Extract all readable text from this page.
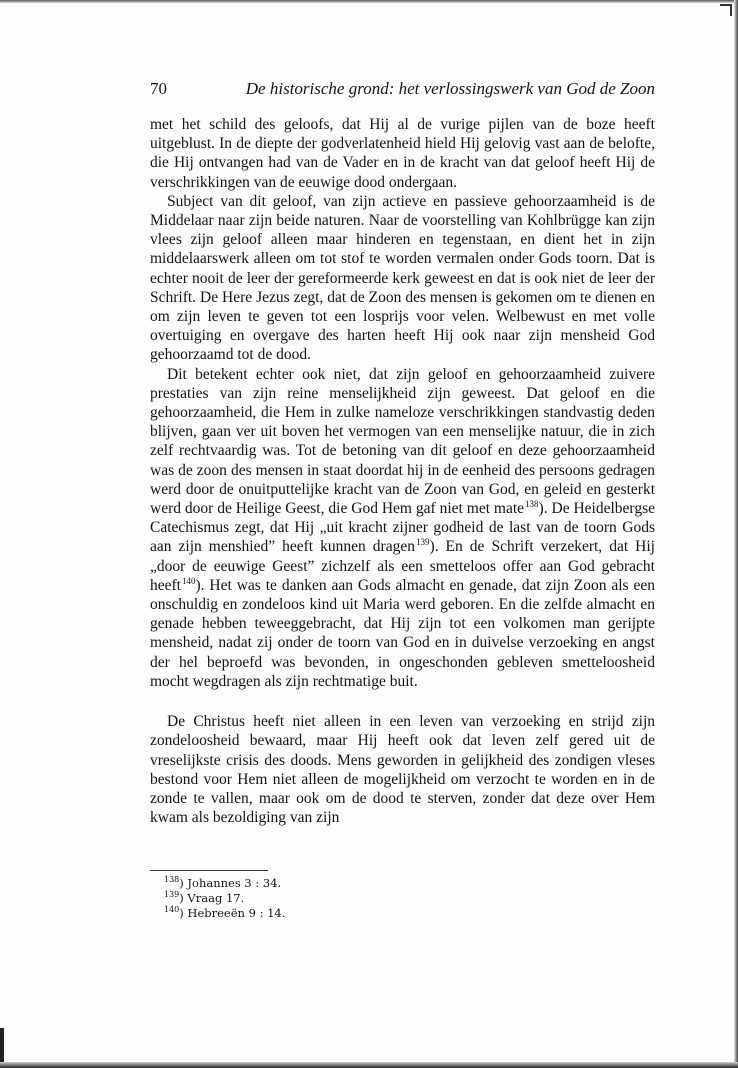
70	De historische grond: het verlossingswerk van God de Zoon

met het schild des geloofs, dat Hij al de vurige pijlen van de boze heeft uitgeblust. In de diepte der godverlatenheid hield Hij gelovig vast aan de belofte, die Hij ontvangen had van de Vader en in de kracht van dat geloof heeft Hij de verschrikkingen van de eeuwige dood ondergaan.

Subject van dit geloof, van zijn actieve en passieve gehoorzaamheid is de Middelaar naar zijn beide naturen. Naar de voorstelling van Kohlbrügge kan zijn vlees zijn geloof alleen maar hinderen en tegenstaan, en dient het in zijn middelaarswerk alleen om tot stof te worden vermalen onder Gods toorn. Dat is echter nooit de leer der gereformeerde kerk geweest en dat is ook niet de leer der Schrift. De Here Jezus zegt, dat de Zoon des mensen is gekomen om te dienen en om zijn leven te geven tot een losprijs voor velen. Welbewust en met volle overtuiging en overgave des harten heeft Hij ook naar zijn mensheid God gehoorzaamd tot de dood.

Dit betekent echter ook niet, dat zijn geloof en gehoorzaamheid zuivere prestaties van zijn reine menselijkheid zijn geweest. Dat geloof en die gehoorzaamheid, die Hem in zulke nameloze verschrikkingen standvastig deden blijven, gaan ver uit boven het vermogen van een menselijke natuur, die in zich zelf rechtvaardig was. Tot de betoning van dit geloof en deze gehoorzaamheid was de zoon des mensen in staat doordat hij in de eenheid des persoons gedragen werd door de onuitputtelijke kracht van de Zoon van God, en geleid en gesterkt werd door de Heilige Geest, die God Hem gaf niet met mate$^{138}$). De Heidelbergse Catechismus zegt, dat Hij „uit kracht zijner godheid de last van de toorn Gods aan zijn menshied” heeft kunnen dragen$^{139}$). En de Schrift verzekert, dat Hij „door de eeuwige Geest” zichzelf als een smetteloos offer aan God gebracht heeft$^{140}$). Het was te danken aan Gods almacht en genade, dat zijn Zoon als een onschuldig en zondeloos kind uit Maria werd geboren. En die zelfde almacht en genade hebben teweeggebracht, dat Hij zijn tot een volkomen man gerijpte mensheid, nadat zij onder de toorn van God en in duivelse verzoeking en angst der hel beproefd was bevonden, in ongeschonden gebleven smetteloosheid mocht wegdragen als zijn rechtmatige buit.

De Christus heeft niet alleen in een leven van verzoeking en strijd zijn zondeloosheid bewaard, maar Hij heeft ook dat leven zelf gered uit de vreselijkste crisis des doods. Mens geworden in gelijkheid des zondigen vleses bestond voor Hem niet alleen de mogelijkheid om verzocht te worden en in de zonde te vallen, maar ook om de dood te sterven, zonder dat deze over Hem kwam als bezoldiging van zijn

$^{138}$) Johannes 3 : 34.
$^{139}$) Vraag 17.
$^{140}$) Hebreeën 9 : 14.
